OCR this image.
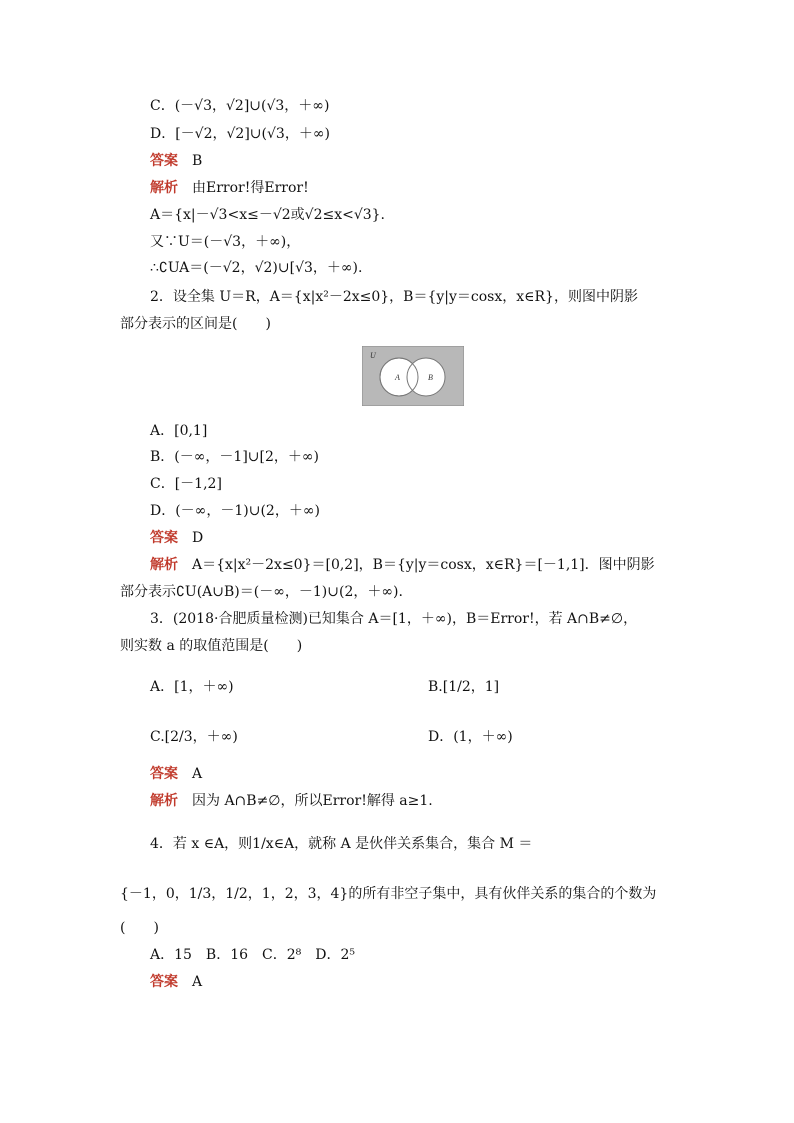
C．(－√3，√2]∪(√3，＋∞)
D．[－√2，√2]∪(√3，＋∞)
答案 B
解析 由Error!得Error!
A＝{x|－√3<x≤－√2或√2≤x<√3}.
又∵U＝(－√3，＋∞)，
∴∁UA＝(－√2，√2)∪[√3，＋∞).
2．设全集 U＝R，A＝{x|x²－2x≤0}，B＝{y|y＝cosx，x∈R}，则图中阴影
部分表示的区间是(　　)
U
A	B
A．[0,1]
B．(－∞，－1]∪[2，＋∞)
C．[－1,2]
D．(－∞，－1)∪(2，＋∞)
答案 D
解析 A＝{x|x²－2x≤0}＝[0,2]，B＝{y|y＝cosx，x∈R}＝[－1,1]．图中阴影
部分表示∁U(A∪B)＝(－∞，－1)∪(2，＋∞).
3．(2018·合肥质量检测)已知集合 A＝[1，＋∞)，B＝Error!，若 A∩B≠∅，
则实数 a 的取值范围是(　　)
A．[1，＋∞)	B.[1/2，1]
C.[2/3，＋∞)	D．(1，＋∞)
答案 A
解析 因为 A∩B≠∅，所以Error!解得 a≥1.
4．若 x ∈A，则1/x∈A，就称 A 是伙伴关系集合，集合 M ＝
{－1，0，1/3，1/2，1，2，3，4}的所有非空子集中，具有伙伴关系的集合的个数为
(　　)
A．15　B．16　C．2⁸　D．2⁵
答案 A
